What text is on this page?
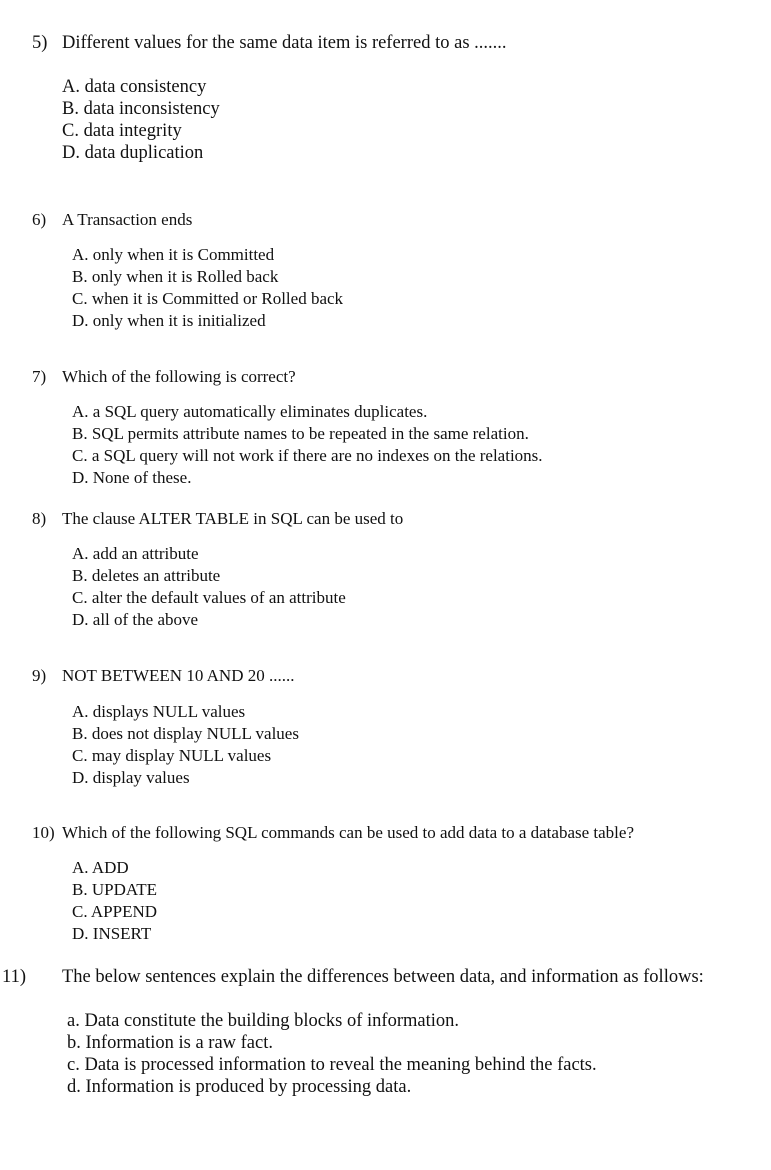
5) Different values for the same data item is referred to as .......
A. data consistency
B. data inconsistency
C. data integrity
D. data duplication
6) A Transaction ends
A. only when it is Committed
B. only when it is Rolled back
C. when it is Committed or Rolled back
D. only when it is initialized
7) Which of the following is correct?
A. a SQL query automatically eliminates duplicates.
B. SQL permits attribute names to be repeated in the same relation.
C. a SQL query will not work if there are no indexes on the relations.
D. None of these.
8) The clause ALTER TABLE in SQL can be used to
A. add an attribute
B. deletes an attribute
C. alter the default values of an attribute
D. all of the above
9) NOT BETWEEN 10 AND 20 ......
A. displays NULL values
B. does not display NULL values
C. may display NULL values
D. display values
10) Which of the following SQL commands can be used to add data to a database table?
A. ADD
B. UPDATE
C. APPEND
D. INSERT
11) The below sentences explain the differences between data, and information as follows:
a. Data constitute the building blocks of information.
b. Information is a raw fact.
c. Data is processed information to reveal the meaning behind the facts.
d. Information is produced by processing data.
